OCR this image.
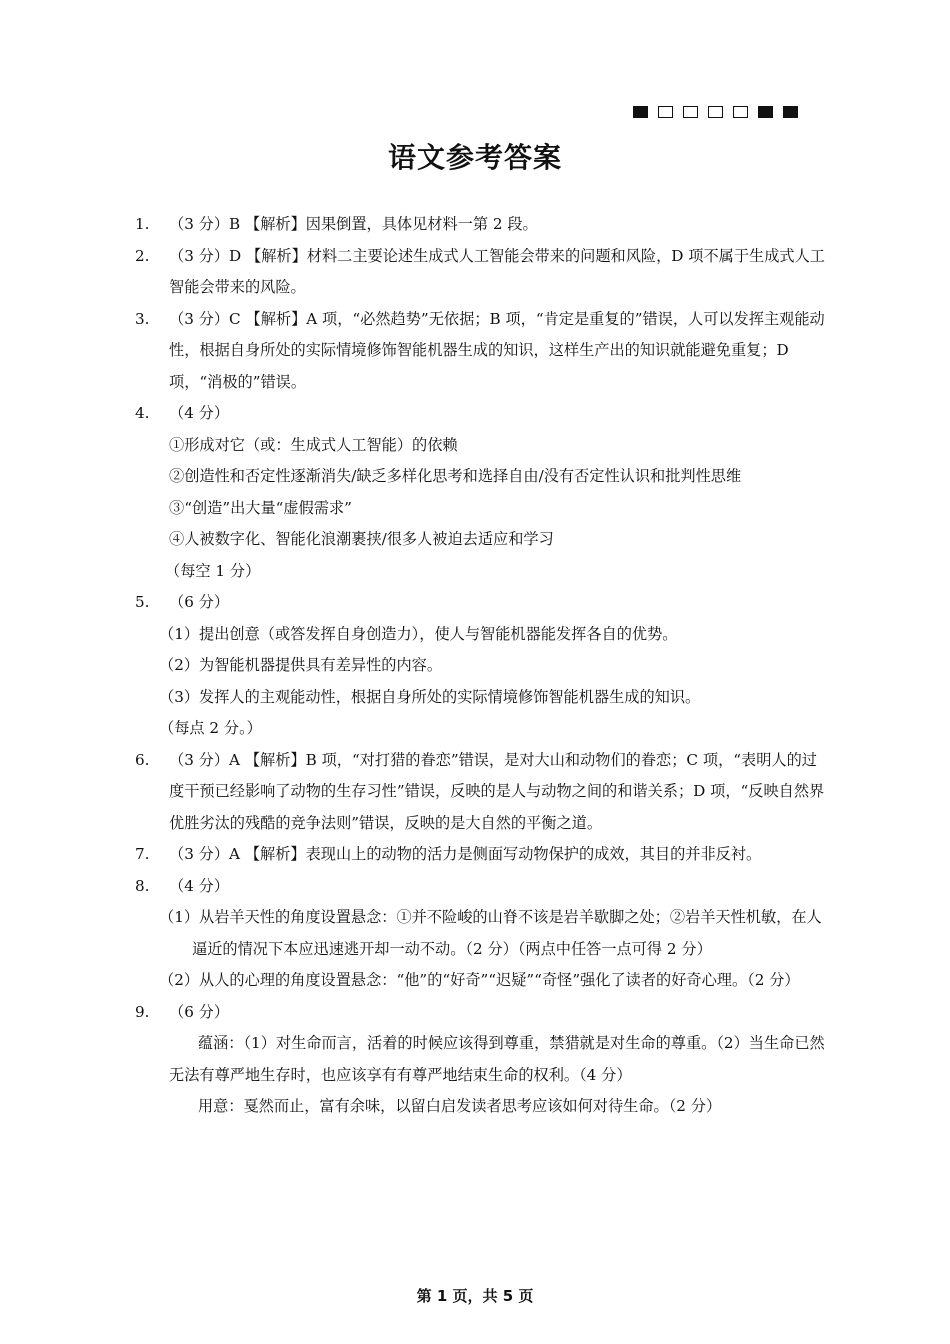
语文参考答案
1. （3 分）B 【解析】因果倒置，具体见材料一第 2 段。
2. （3 分）D 【解析】材料二主要论述生成式人工智能会带来的问题和风险，D 项不属于生成式人工智能会带来的风险。
3. （3 分）C 【解析】A 项，“必然趋势”无依据；B 项，“肯定是重复的”错误，人可以发挥主观能动性，根据自身所处的实际情境修饰智能机器生成的知识，这样生产出的知识就能避免重复；D 项，“消极的”错误。
4. （4 分）
①形成对它（或：生成式人工智能）的依赖
②创造性和否定性逐渐消失/缺乏多样化思考和选择自由/没有否定性认识和批判性思维
③“创造”出大量“虚假需求”
④人被数字化、智能化浪潮裹挟/很多人被迫去适应和学习
（每空 1 分）
5. （6 分）
（1）提出创意（或答发挥自身创造力），使人与智能机器能发挥各自的优势。
（2）为智能机器提供具有差异性的内容。
（3）发挥人的主观能动性，根据自身所处的实际情境修饰智能机器生成的知识。
（每点 2 分。）
6. （3 分）A 【解析】B 项，“对打猎的眷恋”错误，是对大山和动物们的眷恋；C 项，“表明人的过度干预已经影响了动物的生存习性”错误，反映的是人与动物之间的和谐关系；D 项，“反映自然界优胜劣汰的残酷的竞争法则”错误，反映的是大自然的平衡之道。
7. （3 分）A 【解析】表现山上的动物的活力是侧面写动物保护的成效，其目的并非反衬。
8. （4 分）
（1）从岩羊天性的角度设置悬念：①并不险峻的山脊不该是岩羊歇脚之处；②岩羊天性机敏，在人逼近的情况下本应迅速逃开却一动不动。（2 分）（两点中任答一点可得 2 分）
（2）从人的心理的角度设置悬念：“他”的“好奇”“迟疑”“奇怪”强化了读者的好奇心理。（2 分）
9. （6 分）
蕴涵：（1）对生命而言，活着的时候应该得到尊重，禁猎就是对生命的尊重。（2）当生命已然无法有尊严地生存时，也应该享有有尊严地结束生命的权利。（4 分）
用意：戛然而止，富有余味，以留白启发读者思考应该如何对待生命。（2 分）
第 1 页，共 5 页
